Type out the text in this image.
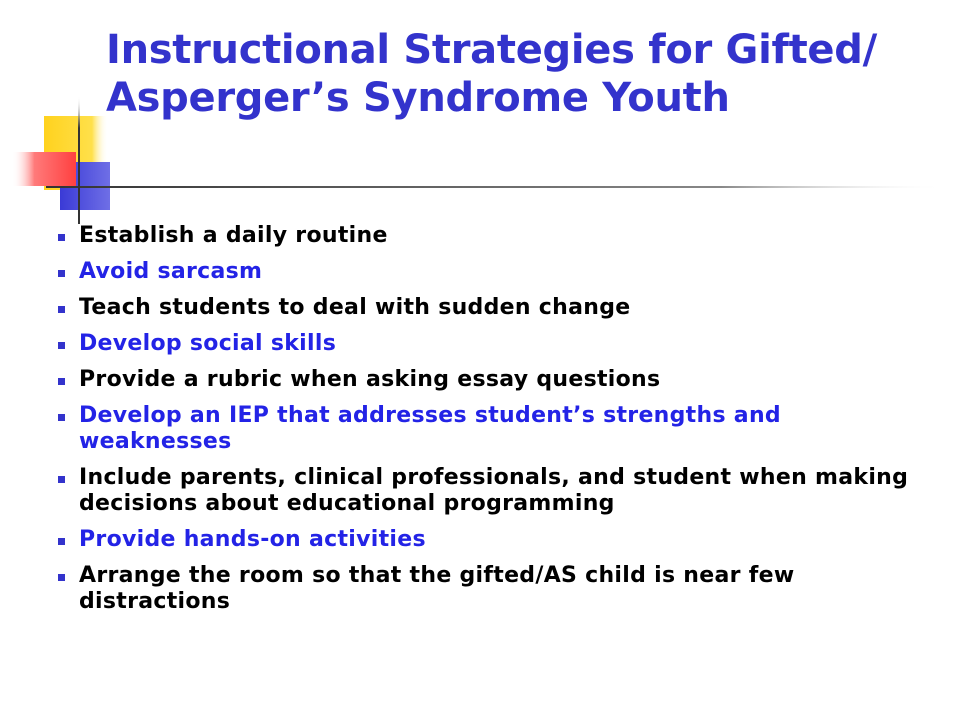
Instructional Strategies for Gifted/ Asperger’s Syndrome Youth
Establish a daily routine
Avoid sarcasm
Teach students to deal with sudden change
Develop social skills
Provide a rubric when asking essay questions
Develop an IEP that addresses student’s strengths and weaknesses
Include parents, clinical professionals, and student when making decisions about educational programming
Provide hands-on activities
Arrange the room so that the gifted/AS child is near few distractions
